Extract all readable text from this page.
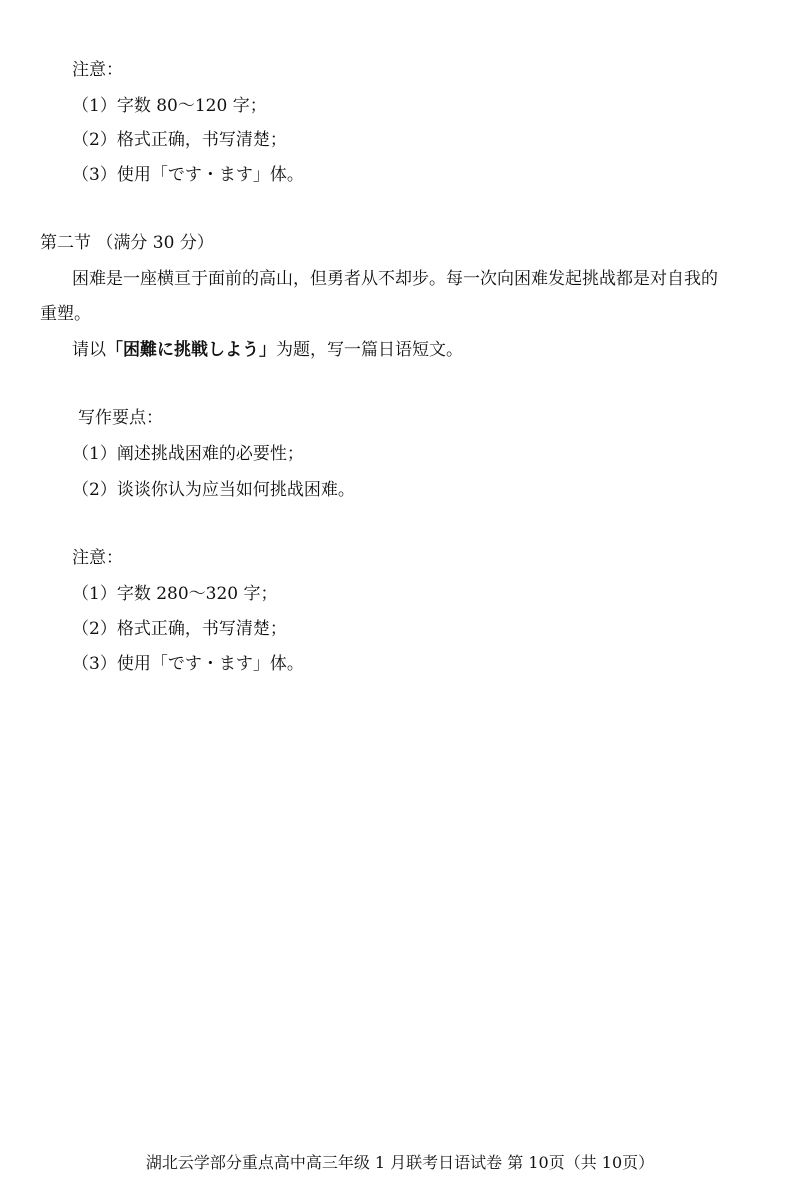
注意：
（1）字数 80～120 字；
（2）格式正确，书写清楚；
（3）使用「です・ます」体。
第二节 （满分 30 分）
困难是一座横亘于面前的高山，但勇者从不却步。每一次向困难发起挑战都是对自我的
重塑。
请以「困難に挑戦しよう」为题，写一篇日语短文。
写作要点：
（1）阐述挑战困难的必要性；
（2）谈谈你认为应当如何挑战困难。
注意：
（1）字数 280～320 字；
（2）格式正确，书写清楚；
（3）使用「です・ます」体。
湖北云学部分重点高中高三年级 1 月联考日语试卷 第 10页（共 10页）
